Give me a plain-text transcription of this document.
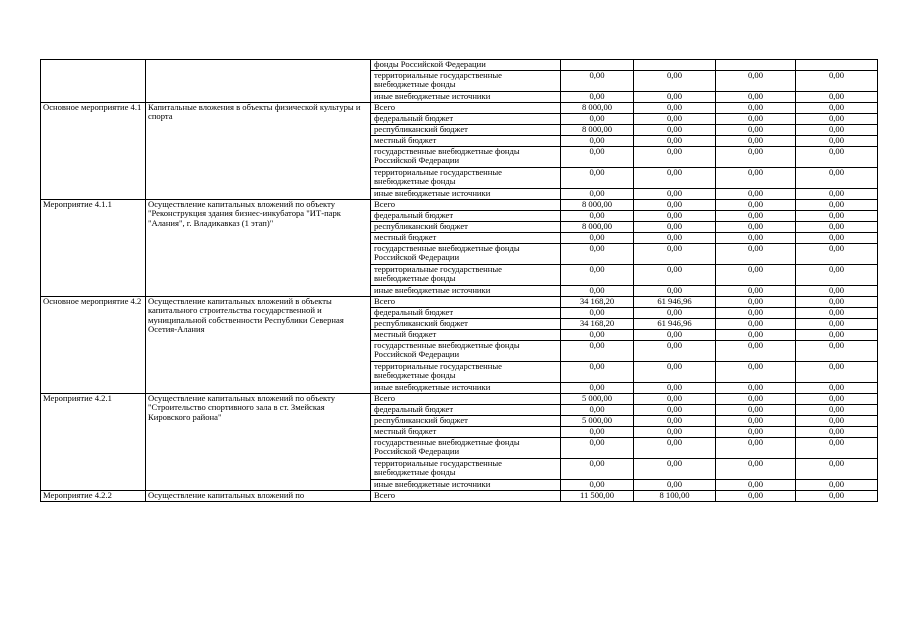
		фонды Российской Федерации				
		территориальные государственные внебюджетные фонды	0,00	0,00	0,00	0,00
		иные внебюджетные источники	0,00	0,00	0,00	0,00
Основное мероприятие 4.1	Капитальные вложения в объекты физической культуры и спорта	Всего	8 000,00	0,00	0,00	0,00
		федеральный бюджет	0,00	0,00	0,00	0,00
		республиканский бюджет	8 000,00	0,00	0,00	0,00
		местный бюджет	0,00	0,00	0,00	0,00
		государственные внебюджетные фонды Российской Федерации	0,00	0,00	0,00	0,00
		территориальные государственные внебюджетные фонды	0,00	0,00	0,00	0,00
		иные внебюджетные источники	0,00	0,00	0,00	0,00
Мероприятие 4.1.1	Осуществление капитальных вложений по объекту "Реконструкция здания бизнес-инкубатора "ИТ-парк "Алания", г. Владикавказ (1 этап)"	Всего	8 000,00	0,00	0,00	0,00
		федеральный бюджет	0,00	0,00	0,00	0,00
		республиканский бюджет	8 000,00	0,00	0,00	0,00
		местный бюджет	0,00	0,00	0,00	0,00
		государственные внебюджетные фонды Российской Федерации	0,00	0,00	0,00	0,00
		территориальные государственные внебюджетные фонды	0,00	0,00	0,00	0,00
		иные внебюджетные источники	0,00	0,00	0,00	0,00
Основное мероприятие 4.2	Осуществление капитальных вложений в объекты капитального строительства государственной и муниципальной собственности Республики Северная Осетия-Алания	Всего	34 168,20	61 946,96	0,00	0,00
		федеральный бюджет	0,00	0,00	0,00	0,00
		республиканский бюджет	34 168,20	61 946,96	0,00	0,00
		местный бюджет	0,00	0,00	0,00	0,00
		государственные внебюджетные фонды Российской Федерации	0,00	0,00	0,00	0,00
		территориальные государственные внебюджетные фонды	0,00	0,00	0,00	0,00
		иные внебюджетные источники	0,00	0,00	0,00	0,00
Мероприятие 4.2.1	Осуществление капитальных вложений по объекту "Строительство спортивного зала в ст. Змейская Кировского района"	Всего	5 000,00	0,00	0,00	0,00
		федеральный бюджет	0,00	0,00	0,00	0,00
		республиканский бюджет	5 000,00	0,00	0,00	0,00
		местный бюджет	0,00	0,00	0,00	0,00
		государственные внебюджетные фонды Российской Федерации	0,00	0,00	0,00	0,00
		территориальные государственные внебюджетные фонды	0,00	0,00	0,00	0,00
		иные внебюджетные источники	0,00	0,00	0,00	0,00
Мероприятие 4.2.2	Осуществление капитальных вложений по	Всего	11 500,00	8 100,00	0,00	0,00
